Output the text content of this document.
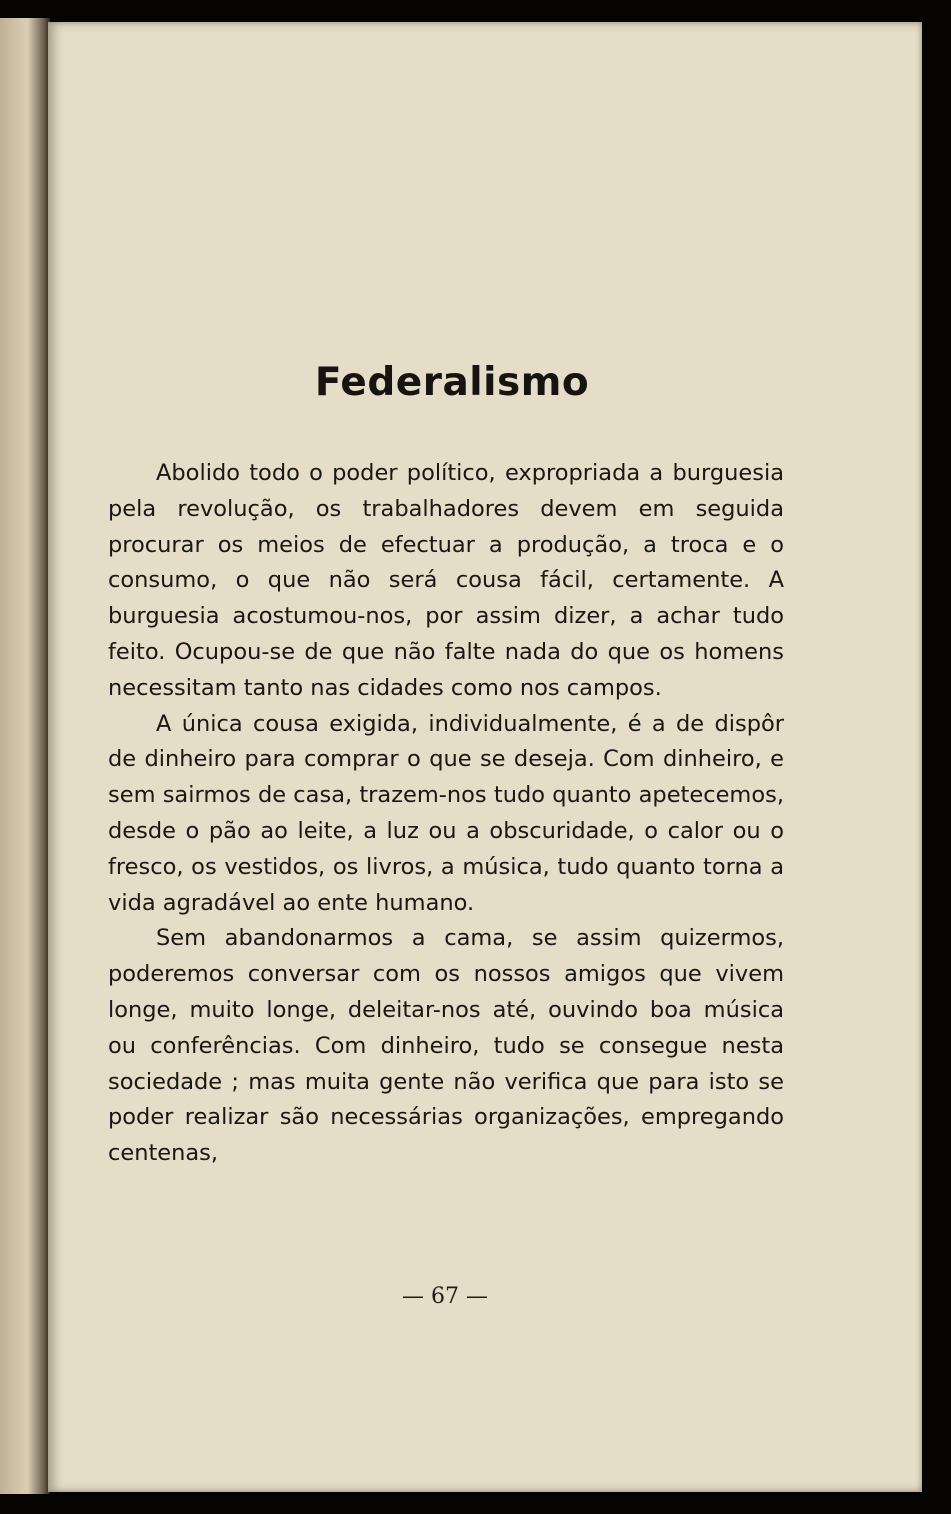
Federalismo

Abolido todo o poder político, expropriada a burguesia pela revolução, os trabalhadores devem em seguida procurar os meios de efectuar a produção, a troca e o consumo, o que não será cousa fácil, certamente. A burguesia acostumou-nos, por assim dizer, a achar tudo feito. Ocupou-se de que não falte nada do que os homens necessitam tanto nas cidades como nos campos.

A única cousa exigida, individualmente, é a de dispôr de dinheiro para comprar o que se deseja. Com dinheiro, e sem sairmos de casa, trazem-nos tudo quanto apetecemos, desde o pão ao leite, a luz ou a obscuridade, o calor ou o fresco, os vestidos, os livros, a música, tudo quanto torna a vida agradável ao ente humano.

Sem abandonarmos a cama, se assim quizermos, poderemos conversar com os nossos amigos que vivem longe, muito longe, deleitar-nos até, ouvindo boa música ou conferências. Com dinheiro, tudo se consegue nesta sociedade ; mas muita gente não verifica que para isto se poder realizar são necessárias organizações, empregando centenas,

— 67 —
